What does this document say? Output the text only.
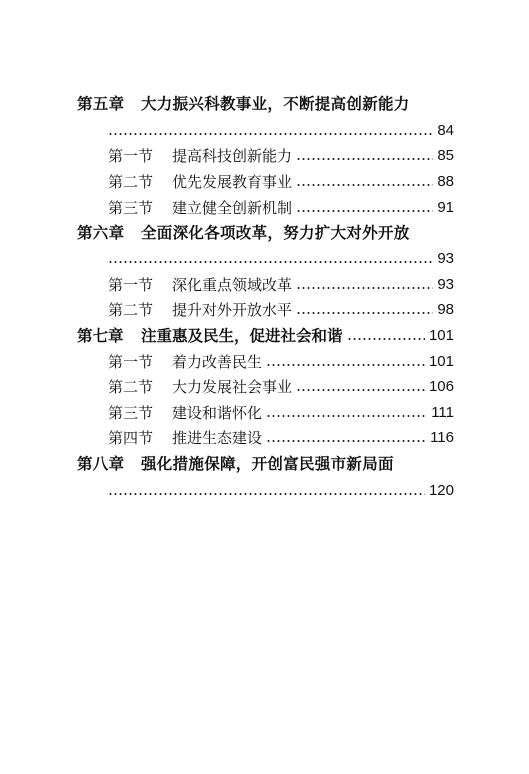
第五章 大力振兴科教事业，不断提高创新能力
84
第一节	提高科技创新能力	85
第二节	优先发展教育事业	88
第三节	建立健全创新机制	91
第六章 全面深化各项改革，努力扩大对外开放
93
第一节	深化重点领域改革	93
第二节	提升对外开放水平	98
第七章	注重惠及民生，促进社会和谐	101
第一节	着力改善民生	101
第二节	大力发展社会事业	106
第三节	建设和谐怀化	111
第四节	推进生态建设	116
第八章 强化措施保障，开创富民强市新局面
120
